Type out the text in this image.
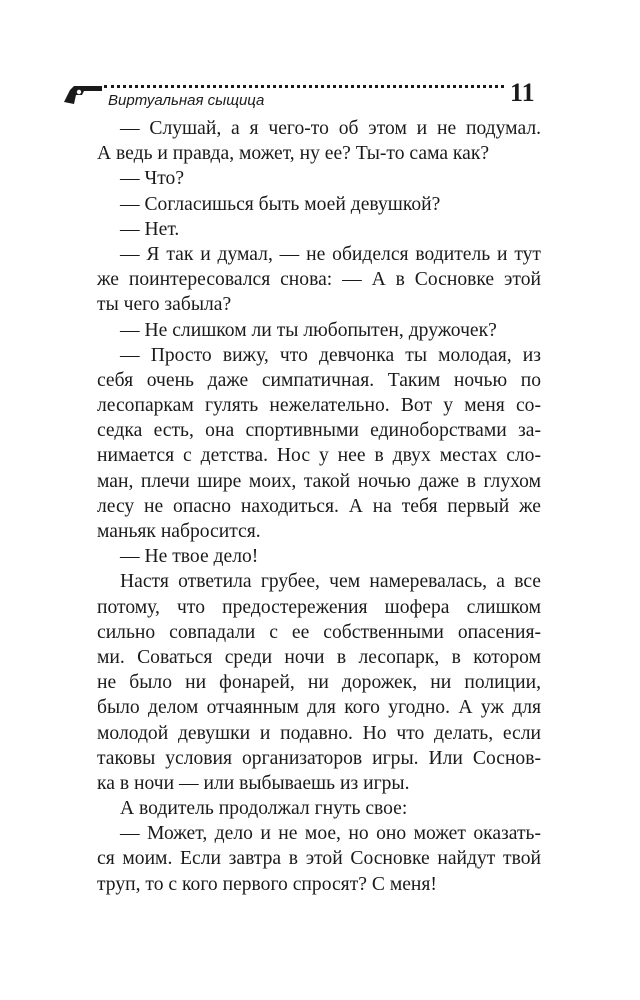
Виртуальная сыщица	11
— Слушай, а я чего-то об этом и не подумал.
А ведь и правда, может, ну ее? Ты-то сама как?
— Что?
— Согласишься быть моей девушкой?
— Нет.
— Я так и думал, — не обиделся водитель и тут
же поинтересовался снова: — А в Сосновке этой
ты чего забыла?
— Не слишком ли ты любопытен, дружочек?
— Просто вижу, что девчонка ты молодая, из
себя очень даже симпатичная. Таким ночью по
лесопаркам гулять нежелательно. Вот у меня со-
седка есть, она спортивными единоборствами за-
нимается с детства. Нос у нее в двух местах сло-
ман, плечи шире моих, такой ночью даже в глухом
лесу не опасно находиться. А на тебя первый же
маньяк набросится.
— Не твое дело!
Настя ответила грубее, чем намеревалась, а все
потому, что предостережения шофера слишком
сильно совпадали с ее собственными опасения-
ми. Соваться среди ночи в лесопарк, в котором
не было ни фонарей, ни дорожек, ни полиции,
было делом отчаянным для кого угодно. А уж для
молодой девушки и подавно. Но что делать, если
таковы условия организаторов игры. Или Соснов-
ка в ночи — или выбываешь из игры.
А водитель продолжал гнуть свое:
— Может, дело и не мое, но оно может оказать-
ся моим. Если завтра в этой Сосновке найдут твой
труп, то с кого первого спросят? С меня!
